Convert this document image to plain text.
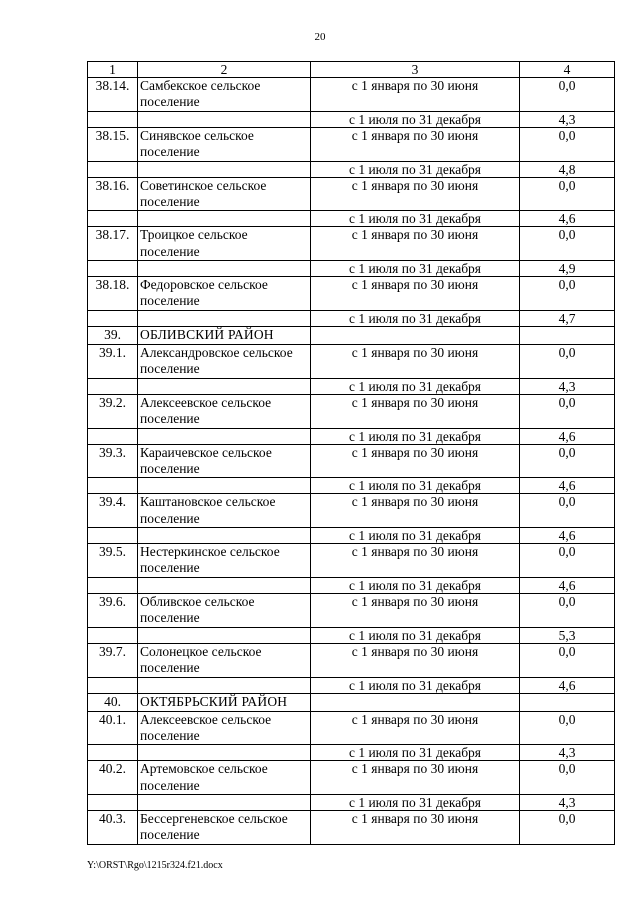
20
1	2	3	4
38.14.	Самбекское сельское поселение	с 1 января по 30 июня	0,0
		с 1 июля по 31 декабря	4,3
38.15.	Синявское сельское поселение	с 1 января по 30 июня	0,0
		с 1 июля по 31 декабря	4,8
38.16.	Советинское сельское поселение	с 1 января по 30 июня	0,0
		с 1 июля по 31 декабря	4,6
38.17.	Троицкое сельское поселение	с 1 января по 30 июня	0,0
		с 1 июля по 31 декабря	4,9
38.18.	Федоровское сельское поселение	с 1 января по 30 июня	0,0
		с 1 июля по 31 декабря	4,7
39.	ОБЛИВСКИЙ РАЙОН		
39.1.	Александровское сельское поселение	с 1 января по 30 июня	0,0
		с 1 июля по 31 декабря	4,3
39.2.	Алексеевское сельское поселение	с 1 января по 30 июня	0,0
		с 1 июля по 31 декабря	4,6
39.3.	Караичевское сельское поселение	с 1 января по 30 июня	0,0
		с 1 июля по 31 декабря	4,6
39.4.	Каштановское сельское поселение	с 1 января по 30 июня	0,0
		с 1 июля по 31 декабря	4,6
39.5.	Нестеркинское сельское поселение	с 1 января по 30 июня	0,0
		с 1 июля по 31 декабря	4,6
39.6.	Обливское сельское поселение	с 1 января по 30 июня	0,0
		с 1 июля по 31 декабря	5,3
39.7.	Солонецкое сельское поселение	с 1 января по 30 июня	0,0
		с 1 июля по 31 декабря	4,6
40.	ОКТЯБРЬСКИЙ РАЙОН		
40.1.	Алексеевское сельское поселение	с 1 января по 30 июня	0,0
		с 1 июля по 31 декабря	4,3
40.2.	Артемовское сельское поселение	с 1 января по 30 июня	0,0
		с 1 июля по 31 декабря	4,3
40.3.	Бессергеневское сельское поселение	с 1 января по 30 июня	0,0
Y:\ORST\Rgo\1215r324.f21.docx
